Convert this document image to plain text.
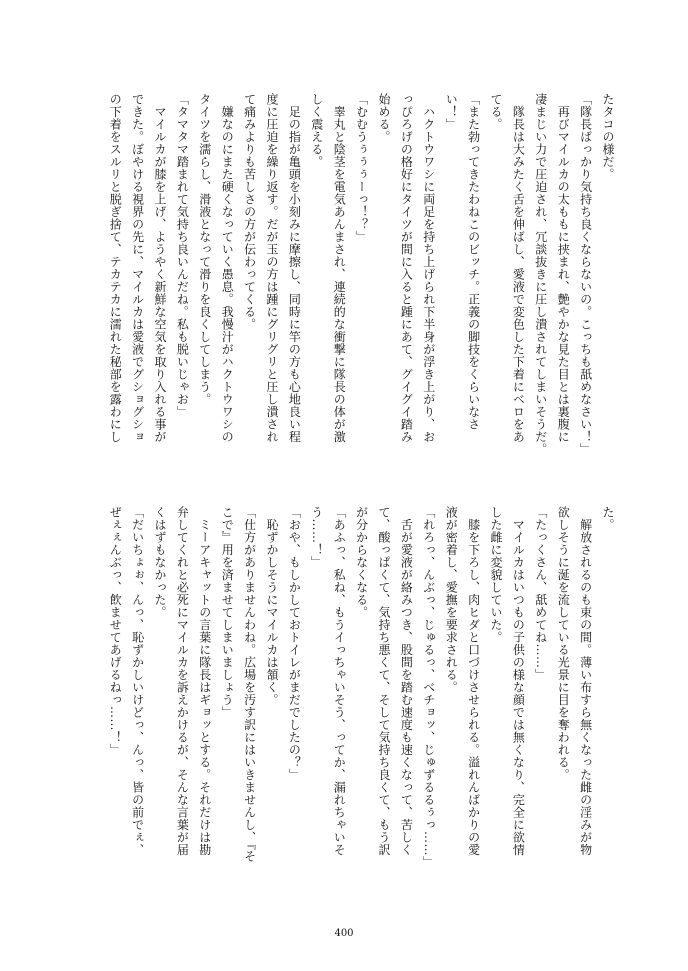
たタコの様だ。
「隊長ばっかり気持ち良くならないの。こっちも舐めなさい！」
　再びマイルカの太ももに挟まれ、艶やかな見た目とは裏腹に
凄まじい力で圧迫され、冗談抜きに圧し潰されてしまいそうだ。
　隊長は大みたく舌を伸ばし、愛液で変色した下着にベロをあ
てる。
「また勃ってきたわねこのビッチ。正義の脚技をくらいなさ
い！」
　ハクトウワシに両足を持ち上げられ下半身が浮き上がり、お
っぴろげの格好にタイツが間に入ると踵にあて、グイグイ踏み
始める。
「むむうぅぅぅーっ！？」
　睾丸と陰茎を電気あんまされ、連続的な衝撃に隊長の体が激
しく震える。
　足の指が亀頭を小刻みに摩擦し、同時に竿の方も心地良い程
度に圧迫を繰り返す。だが玉の方は踵にグリグリと圧し潰され
て痛みよりも苦しさの方が伝わってくる。
　嫌なのにまた硬くなっていく愚息。我慢汁がハクトウワシの
タイツを濡らし、滑液となって滑りを良くしてしまう。
「タマタマ踏まれて気持ち良いんだね。私も脱いじゃお」
　マイルカが膝を上げ、ようやく新鮮な空気を取り入れる事が
できた。ぼやける視界の先に、マイルカは愛液でグショグショ
の下着をスルリと脱ぎ捨て、テカテカに濡れた秘部を露わにし
た。
　解放されるのも束の間。薄い布すら無くなった雌の淫みが物
欲しそうに涎を流している光景に目を奪われる。
「たっくさん、舐めてね……」
　マイルカはいつもの子供の様な顔では無くなり、完全に欲情
した雌に変貌していた。
　膝を下ろし、肉ヒダと口づけさせられる。溢れんばかりの愛
液が密着し、愛撫を要求される。
「れろっ、んぶっ、じゅるっ、べチョッ、じゅずるるぅっ……」
　舌が愛液が絡みつき、股間を踏む速度も速くなって、苦しく
て、酸っぱくて、気持ち悪くて、そして気持ち良くて、もう訳
が分からなくなる。
「あふっ、私ね、もうイっちゃいそう、ってか、漏れちゃいそ
う……！」
「おや、もしかしておトイレがまだでしたの？」
　恥ずかしそうにマイルカは頷く。
「仕方がありませんわね。広場を汚す訳にはいきませんし、『そ
こで』用を済ませてしまいましょう」
　ミーアキャットの言葉に隊長はギョッとする。それだけは勘
弁してくれと必死にマイルカを訴えかけるが、そんな言葉が届
くはずもなかった。
「だいちょぉ、んっ、恥ずかしいけどっ、んっ、皆の前でぇ、
ぜぇぇんぶっ、飲ませてあげるねっ……！」
400
